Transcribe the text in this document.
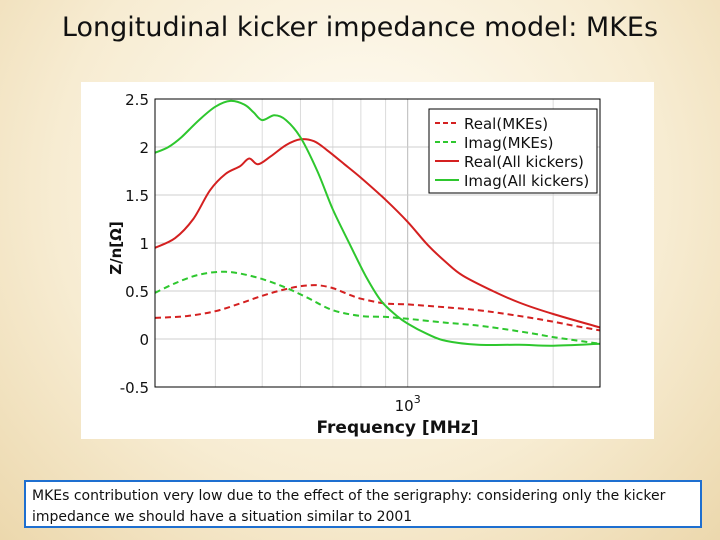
Longitudinal kicker impedance model: MKEs
-0.5
0
0.5
1
1.5
2
2.5
$10^3$
Real(MKEs)
Imag(MKEs)
Real(All kickers)
Imag(All kickers)
Frequency [MHz]
Z/n[Ω]
MKEs contribution very low due to the effect of the serigraphy: considering only the kicker impedance we should have a situation similar to 2001
